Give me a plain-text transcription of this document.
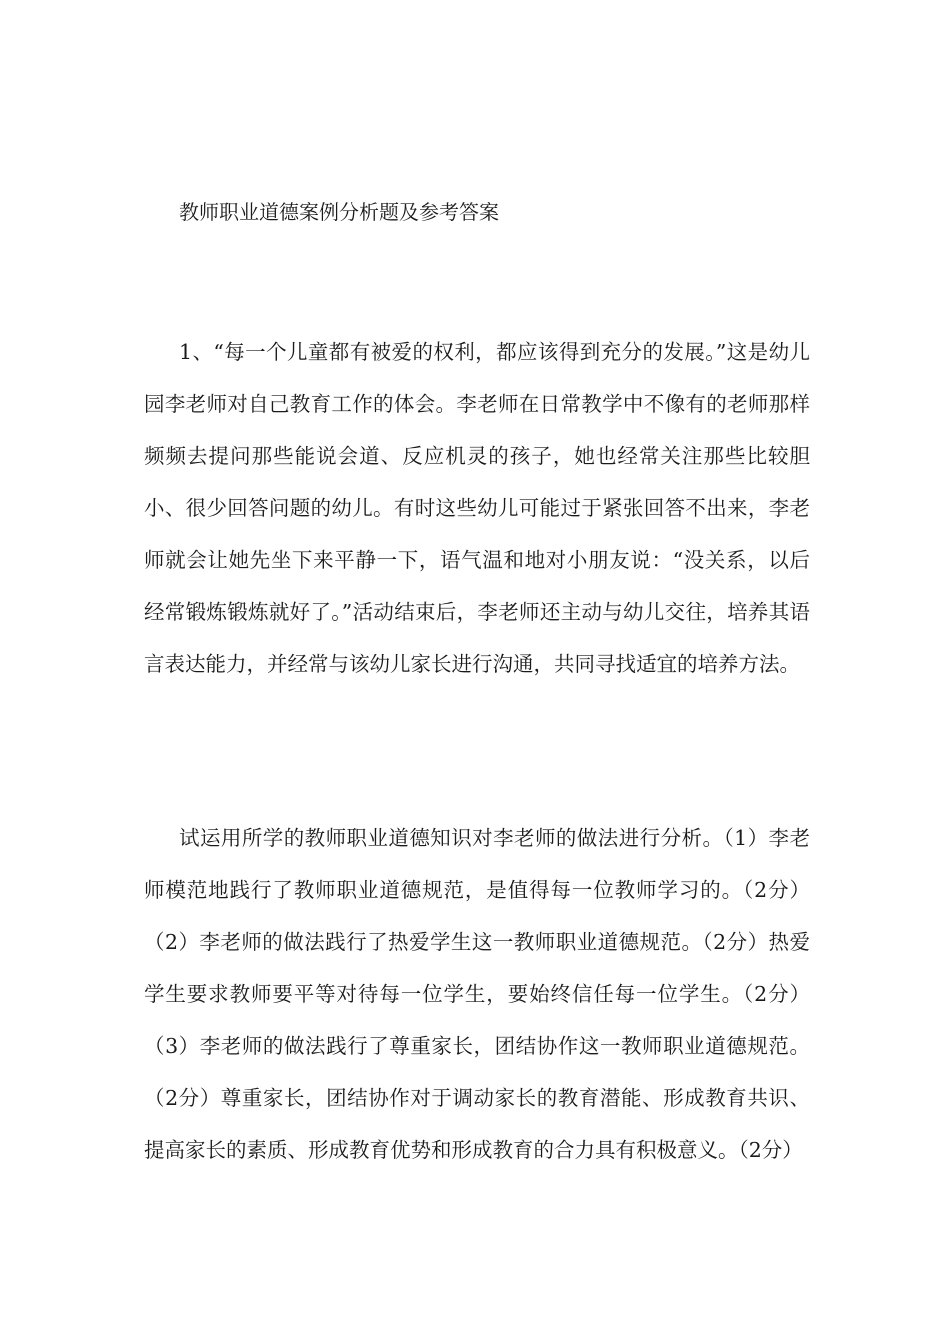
教师职业道德案例分析题及参考答案

1、“每一个儿童都有被爱的权利，都应该得到充分的发展。”这是幼儿园李老师对自己教育工作的体会。李老师在日常教学中不像有的老师那样频频去提问那些能说会道、反应机灵的孩子，她也经常关注那些比较胆小、很少回答问题的幼儿。有时这些幼儿可能过于紧张回答不出来，李老师就会让她先坐下来平静一下，语气温和地对小朋友说：“没关系，以后经常锻炼锻炼就好了。”活动结束后，李老师还主动与幼儿交往，培养其语言表达能力，并经常与该幼儿家长进行沟通，共同寻找适宜的培养方法。

试运用所学的教师职业道德知识对李老师的做法进行分析。（1）李老师模范地践行了教师职业道德规范，是值得每一位教师学习的。（2分）（2）李老师的做法践行了热爱学生这一教师职业道德规范。（2分）热爱学生要求教师要平等对待每一位学生，要始终信任每一位学生。（2分）（3）李老师的做法践行了尊重家长，团结协作这一教师职业道德规范。（2分）尊重家长，团结协作对于调动家长的教育潜能、形成教育共识、提高家长的素质、形成教育优势和形成教育的合力具有积极意义。（2分）
